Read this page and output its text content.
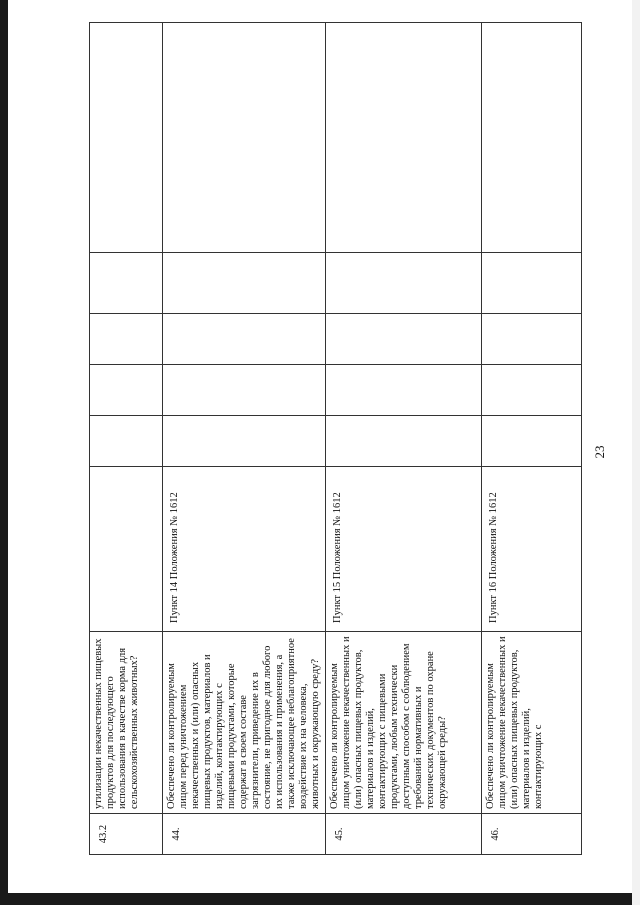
23
43.2	утилизации некачественных пищевых продуктов для последующего использования в качестве корма для сельскохозяйственных животных?						
44.	Обеспечено ли контролируемым лицом перед уничтожением некачественных и (или) опасных пищевых продуктов, материалов и изделий, контактирующих с пищевыми продуктами, которые содержат в своем составе загрязнители, приведение их в состояние, не пригодное для любого их использования и применения, а также исключающее неблагоприятное воздействие их на человека, животных и окружающую среду?	Пункт 14 Положения № 1612					
45.	Обеспечено ли контролируемым лицом уничтожение некачественных и (или) опасных пищевых продуктов, материалов и изделий, контактирующих с пищевыми продуктами, любым технически доступным способом с соблюдением требований нормативных и технических документов по охране окружающей среды?	Пункт 15 Положения № 1612					
46.	Обеспечено ли контролируемым лицом уничтожение некачественных и (или) опасных пищевых продуктов, материалов и изделий, контактирующих с	Пункт 16 Положения № 1612					
